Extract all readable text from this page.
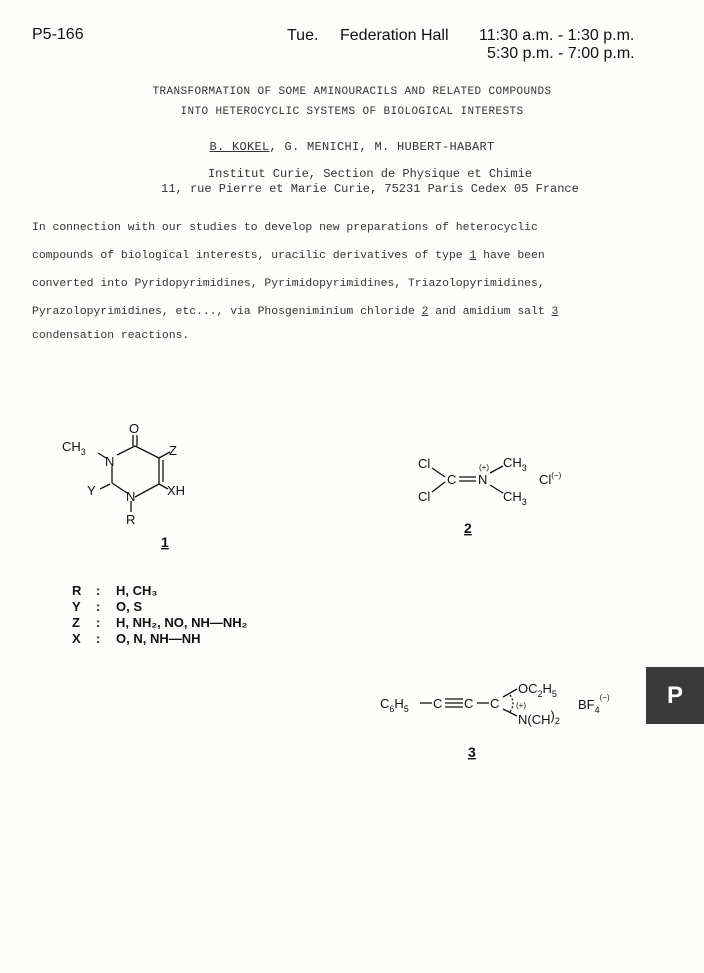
P5-166	Tue. Federation Hall 11:30 a.m. - 1:30 p.m.
5:30 p.m. - 7:00 p.m.
TRANSFORMATION OF SOME AMINOURACILS AND RELATED COMPOUNDS
INTO HETEROCYCLIC SYSTEMS OF BIOLOGICAL INTERESTS
B. KOKEL, G. MENICHI, M. HUBERT-HABART
Institut Curie, Section de Physique et Chimie
11, rue Pierre et Marie Curie, 75231 Paris Cedex 05 France
In connection with our studies to develop new preparations of heterocyclic
compounds of biological interests, uracilic derivatives of type 1 have been
converted into Pyridopyrimidines, Pyrimidopyrimidines, Triazolopyrimidines,
Pyrazolopyrimidines, etc..., via Phosgeniminium chloride 2 and amidium salt 3
condensation reactions.
O
$CH_3$
N
Z
Y N XH
R
1
Cl
Cl
C N
(+) $CH_3$
$CH_3$
Cl(−)
2
$C_6H_5$ C C C
$OC_2H_5$
(+)
$N(CH)_2$
$BF_4^{(-)}$
3
R : H, CH₃
Y : O, S
Z : H, NH₂, NO, NH—NH₂
X : O, N, NH—NH
P
